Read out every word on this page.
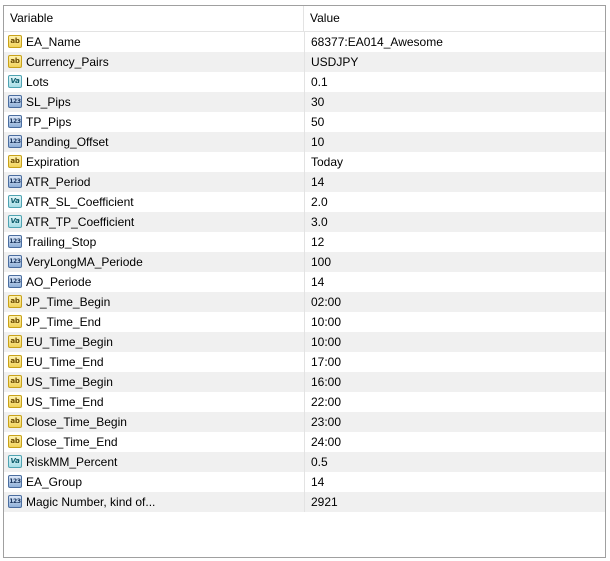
Variable	Value
ab EA_Name	68377:EA014_Awesome
ab Currency_Pairs	USDJPY
Va Lots	0.1
123 SL_Pips	30
123 TP_Pips	50
123 Panding_Offset	10
ab Expiration	Today
123 ATR_Period	14
Va ATR_SL_Coefficient	2.0
Va ATR_TP_Coefficient	3.0
123 Trailing_Stop	12
123 VeryLongMA_Periode	100
123 AO_Periode	14
ab JP_Time_Begin	02:00
ab JP_Time_End	10:00
ab EU_Time_Begin	10:00
ab EU_Time_End	17:00
ab US_Time_Begin	16:00
ab US_Time_End	22:00
ab Close_Time_Begin	23:00
ab Close_Time_End	24:00
Va RiskMM_Percent	0.5
123 EA_Group	14
123 Magic Number, kind of...	2921
